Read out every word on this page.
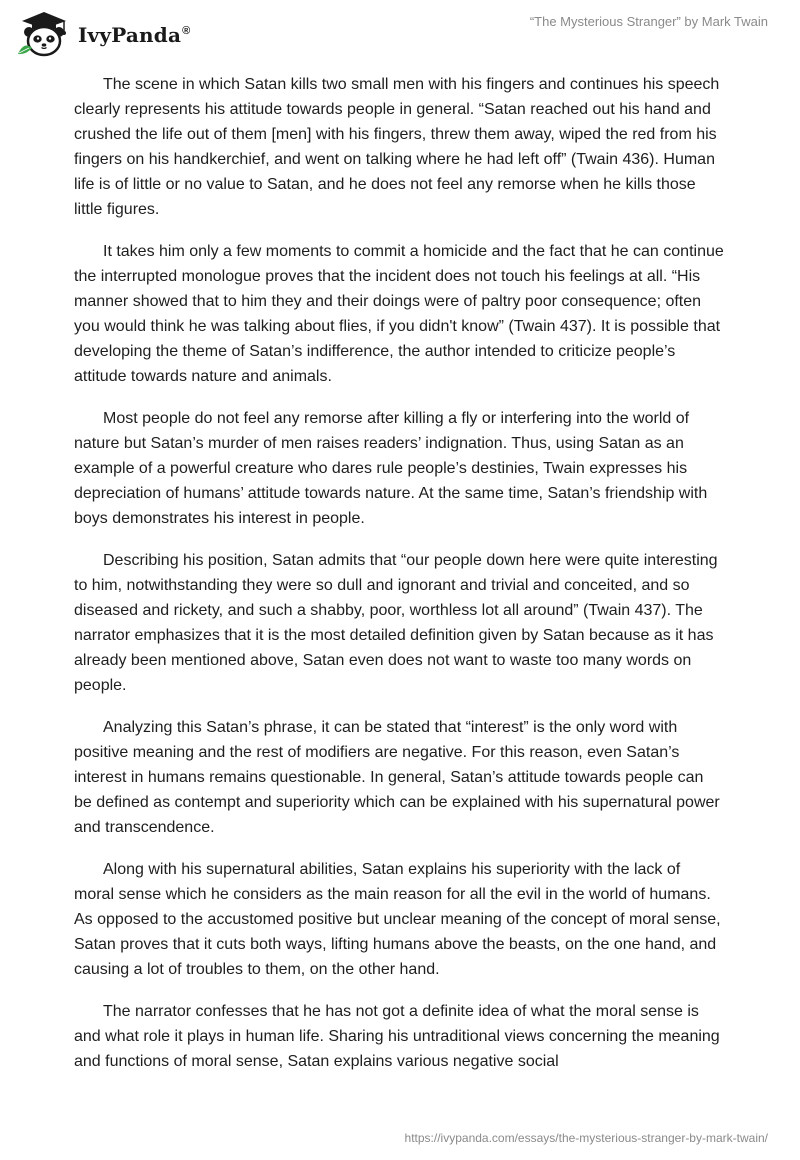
IvyPanda®
“The Mysterious Stranger” by Mark Twain

The scene in which Satan kills two small men with his fingers and continues his speech clearly represents his attitude towards people in general. “Satan reached out his hand and crushed the life out of them [men] with his fingers, threw them away, wiped the red from his fingers on his handkerchief, and went on talking where he had left off” (Twain 436). Human life is of little or no value to Satan, and he does not feel any remorse when he kills those little figures.

It takes him only a few moments to commit a homicide and the fact that he can continue the interrupted monologue proves that the incident does not touch his feelings at all. “His manner showed that to him they and their doings were of paltry poor consequence; often you would think he was talking about flies, if you didn't know” (Twain 437). It is possible that developing the theme of Satan’s indifference, the author intended to criticize people’s attitude towards nature and animals.

Most people do not feel any remorse after killing a fly or interfering into the world of nature but Satan’s murder of men raises readers’ indignation. Thus, using Satan as an example of a powerful creature who dares rule people’s destinies, Twain expresses his depreciation of humans’ attitude towards nature. At the same time, Satan’s friendship with boys demonstrates his interest in people.

Describing his position, Satan admits that “our people down here were quite interesting to him, notwithstanding they were so dull and ignorant and trivial and conceited, and so diseased and rickety, and such a shabby, poor, worthless lot all around” (Twain 437). The narrator emphasizes that it is the most detailed definition given by Satan because as it has already been mentioned above, Satan even does not want to waste too many words on people.

Analyzing this Satan’s phrase, it can be stated that “interest” is the only word with positive meaning and the rest of modifiers are negative. For this reason, even Satan’s interest in humans remains questionable. In general, Satan’s attitude towards people can be defined as contempt and superiority which can be explained with his supernatural power and transcendence.

Along with his supernatural abilities, Satan explains his superiority with the lack of moral sense which he considers as the main reason for all the evil in the world of humans. As opposed to the accustomed positive but unclear meaning of the concept of moral sense, Satan proves that it cuts both ways, lifting humans above the beasts, on the one hand, and causing a lot of troubles to them, on the other hand.

The narrator confesses that he has not got a definite idea of what the moral sense is and what role it plays in human life. Sharing his untraditional views concerning the meaning and functions of moral sense, Satan explains various negative social

https://ivypanda.com/essays/the-mysterious-stranger-by-mark-twain/
